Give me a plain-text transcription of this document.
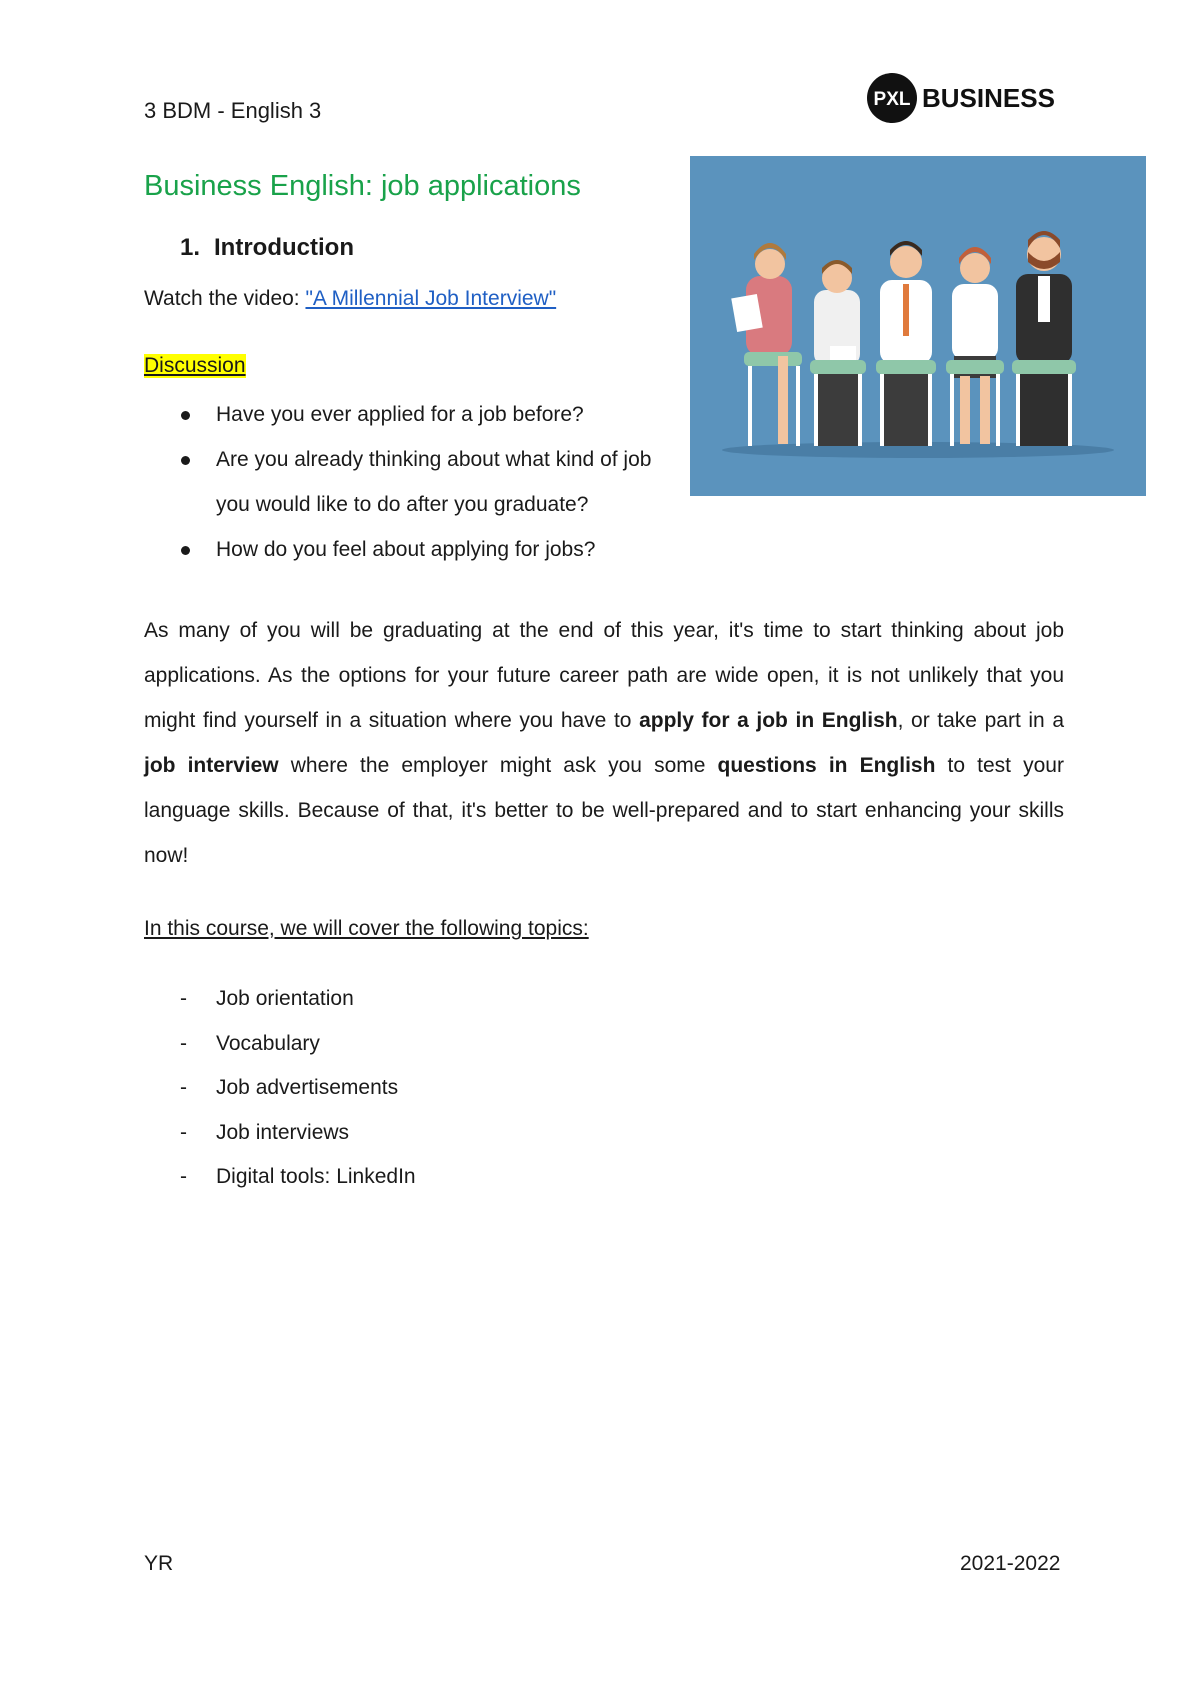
3 BDM - English 3	PXL BUSINESS
Business English: job applications
1. Introduction
Watch the video: "A Millennial Job Interview"
Discussion
Have you ever applied for a job before?
Are you already thinking about what kind of job you would like to do after you graduate?
How do you feel about applying for jobs?

As many of you will be graduating at the end of this year, it's time to start thinking about job applications. As the options for your future career path are wide open, it is not unlikely that you might find yourself in a situation where you have to apply for a job in English, or take part in a job interview where the employer might ask you some questions in English to test your language skills. Because of that, it's better to be well-prepared and to start enhancing your skills now!

In this course, we will cover the following topics:
- Job orientation
- Vocabulary
- Job advertisements
- Job interviews
- Digital tools: LinkedIn
YR	2021-2022
